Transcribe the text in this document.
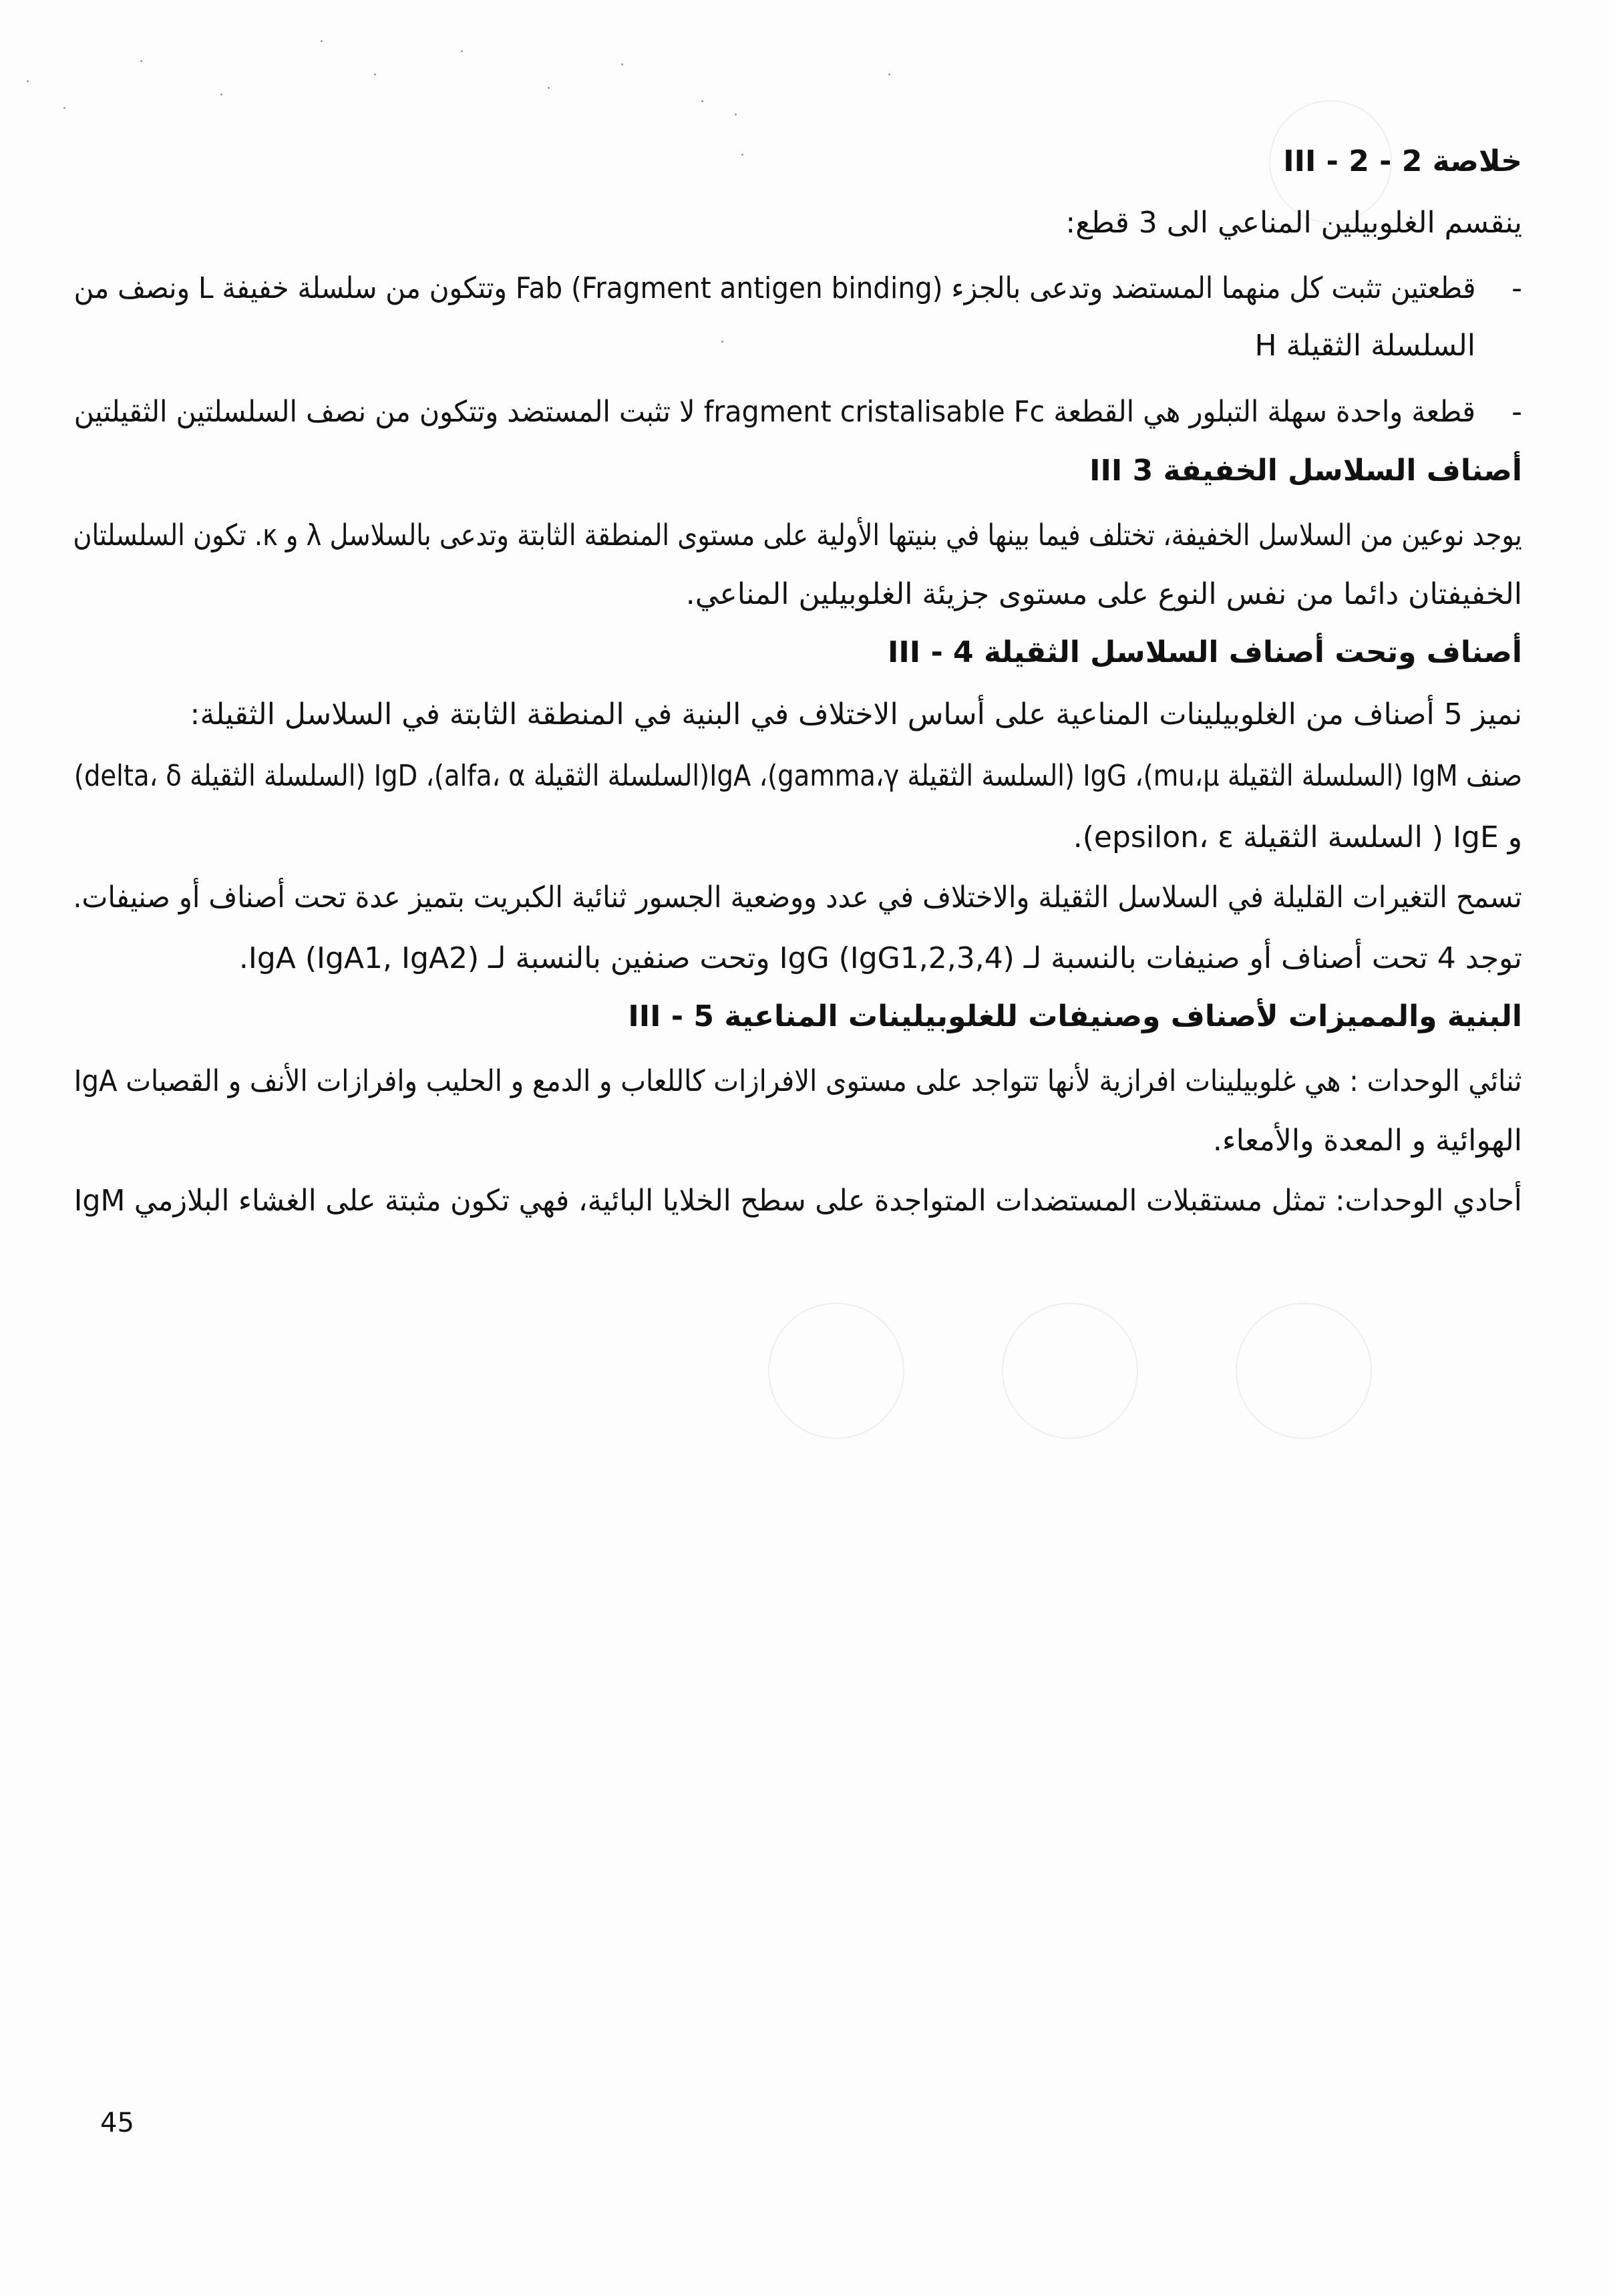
III - 2 - 2 خلاصة
ينقسم الغلوبيلين المناعي الى 3 قطع:
قطعتين تثبت كل منهما المستضد وتدعى بالجزء Fab (Fragment antigen binding) وتتكون من سلسلة خفيفة L ونصف من -
السلسلة الثقيلة H
قطعة واحدة سهلة التبلور هي القطعة fragment cristalisable Fc لا تثبت المستضد وتتكون من نصف السلسلتين الثقيلتين -
III 3 أصناف السلاسل الخفيفة
يوجد نوعين من السلاسل الخفيفة، تختلف فيما بينها في بنيتها الأولية على مستوى المنطقة الثابتة وتدعى بالسلاسل λ و κ. تكون السلسلتان
الخفيفتان دائما من نفس النوع على مستوى جزيئة الغلوبيلين المناعي.
III - 4 أصناف وتحت أصناف السلاسل الثقيلة
نميز 5 أصناف من الغلوبيلينات المناعية على أساس الاختلاف في البنية في المنطقة الثابتة في السلاسل الثقيلة:
صنف IgM (السلسلة الثقيلة mu،µ)، IgG (السلسة الثقيلة gamma،γ)، IgA(السلسلة الثقيلة alfa، α)، IgD (السلسلة الثقيلة delta، δ)
و IgE ( السلسة الثقيلة epsilon، ε).
تسمح التغيرات القليلة في السلاسل الثقيلة والاختلاف في عدد ووضعية الجسور ثنائية الكبريت بتميز عدة تحت أصناف أو صنيفات.
توجد 4 تحت أصناف أو صنيفات بالنسبة لـ IgG (IgG1,2,3,4) وتحت صنفين بالنسبة لـ IgA (IgA1, IgA2).
III - 5 البنية والمميزات لأصناف وصنيفات للغلوبيلينات المناعية
IgA ثنائي الوحدات : هي غلوبيلينات افرازية لأنها تتواجد على مستوى الافرازات كاللعاب و الدمع و الحليب وافرازات الأنف و القصبات
الهوائية و المعدة والأمعاء.
IgM أحادي الوحدات: تمثل مستقبلات المستضدات المتواجدة على سطح الخلايا البائية، فهي تكون مثبتة على الغشاء البلازمي
45
